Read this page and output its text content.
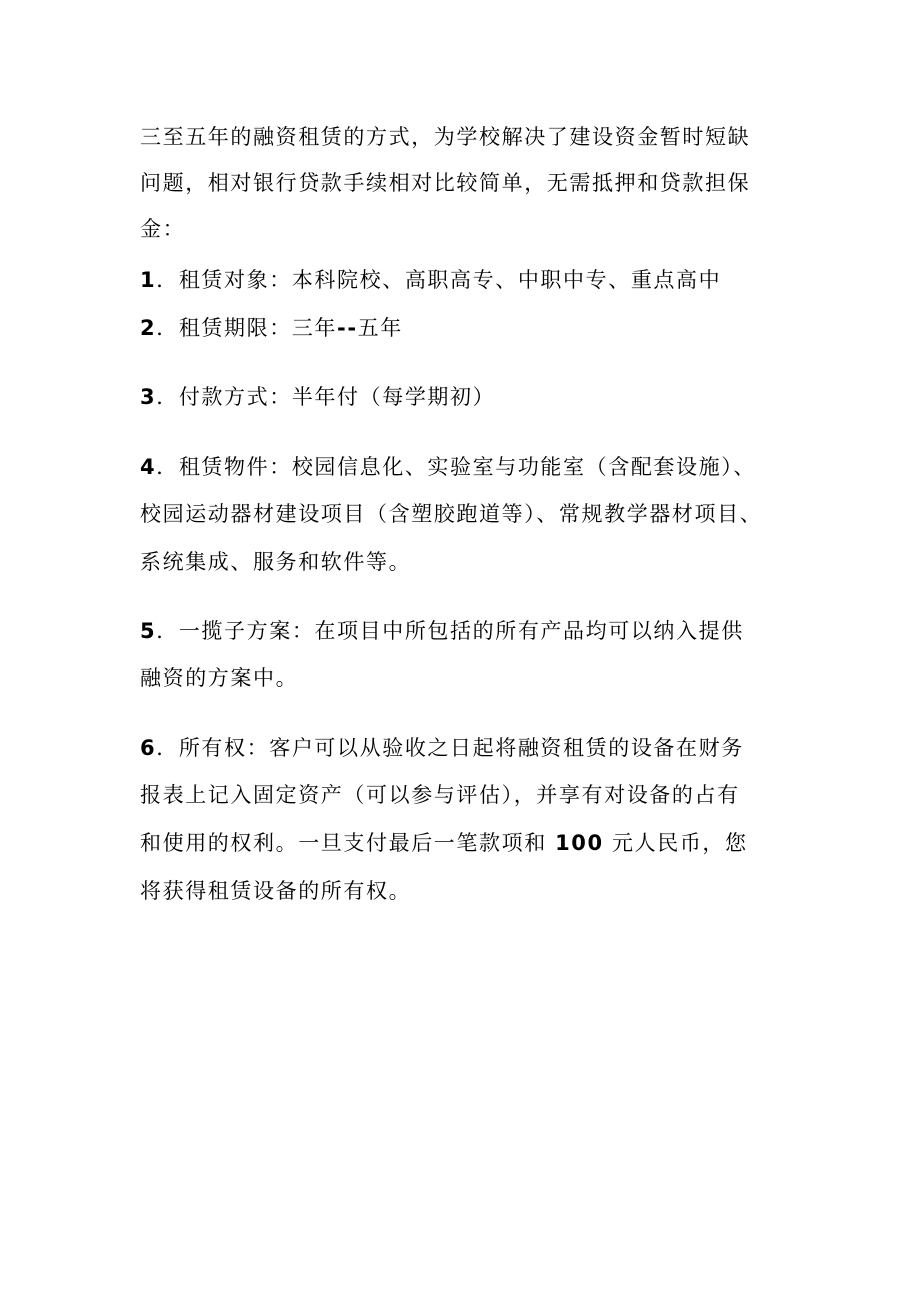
三至五年的融资租赁的方式，为学校解决了建设资金暂时短缺
问题，相对银行贷款手续相对比较简单，无需抵押和贷款担保
金：
1．租赁对象：本科院校、高职高专、中职中专、重点高中
2．租赁期限：三年--五年
3．付款方式：半年付（每学期初）
4．租赁物件：校园信息化、实验室与功能室（含配套设施）、
校园运动器材建设项目（含塑胶跑道等）、常规教学器材项目、
系统集成、服务和软件等。
5．一揽子方案：在项目中所包括的所有产品均可以纳入提供
融资的方案中。
6．所有权：客户可以从验收之日起将融资租赁的设备在财务
报表上记入固定资产（可以参与评估），并享有对设备的占有
和使用的权利。一旦支付最后一笔款项和 100 元人民币，您
将获得租赁设备的所有权。
